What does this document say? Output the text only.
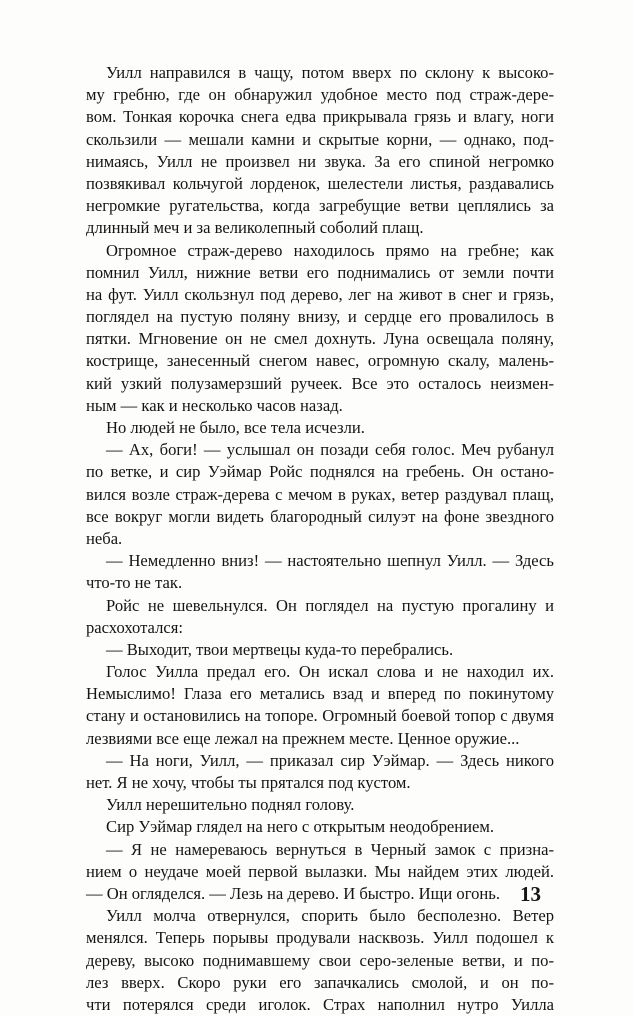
Уилл направился в чащу, потом вверх по склону к высоко-
му гребню, где он обнаружил удобное место под страж-дере-
вом. Тонкая корочка снега едва прикрывала грязь и влагу, ноги
скользили — мешали камни и скрытые корни, — однако, под-
нимаясь, Уилл не произвел ни звука. За его спиной негромко
позвякивал кольчугой лорденок, шелестели листья, раздавались
негромкие ругательства, когда загребущие ветви цеплялись за
длинный меч и за великолепный соболий плащ.
Огромное страж-дерево находилось прямо на гребне; как
помнил Уилл, нижние ветви его поднимались от земли почти
на фут. Уилл скользнул под дерево, лег на живот в снег и грязь,
поглядел на пустую поляну внизу, и сердце его провалилось в
пятки. Мгновение он не смел дохнуть. Луна освещала поляну,
кострище, занесенный снегом навес, огромную скалу, малень-
кий узкий полузамерзший ручеек. Все это осталось неизмен-
ным — как и несколько часов назад.
Но людей не было, все тела исчезли.
— Ах, боги! — услышал он позади себя голос. Меч рубанул
по ветке, и сир Уэймар Ройс поднялся на гребень. Он остано-
вился возле страж-дерева с мечом в руках, ветер раздувал плащ,
все вокруг могли видеть благородный силуэт на фоне звездного
неба.
— Немедленно вниз! — настоятельно шепнул Уилл. — Здесь
что-то не так.
Ройс не шевельнулся. Он поглядел на пустую прогалину и
расхохотался:
— Выходит, твои мертвецы куда-то перебрались.
Голос Уилла предал его. Он искал слова и не находил их.
Немыслимо! Глаза его метались взад и вперед по покинутому
стану и остановились на топоре. Огромный боевой топор с двумя
лезвиями все еще лежал на прежнем месте. Ценное оружие...
— На ноги, Уилл, — приказал сир Уэймар. — Здесь никого
нет. Я не хочу, чтобы ты прятался под кустом.
Уилл нерешительно поднял голову.
Сир Уэймар глядел на него с открытым неодобрением.
— Я не намереваюсь вернуться в Черный замок с призна-
нием о неудаче моей первой вылазки. Мы найдем этих людей.
— Он огляделся. — Лезь на дерево. И быстро. Ищи огонь.
Уилл молча отвернулся, спорить было бесполезно. Ветер
менялся. Теперь порывы продували насквозь. Уилл подошел к
дереву, высоко поднимавшему свои серо-зеленые ветви, и по-
лез вверх. Скоро руки его запачкались смолой, и он по-
чти потерялся среди иголок. Страх наполнил нутро Уилла
13
